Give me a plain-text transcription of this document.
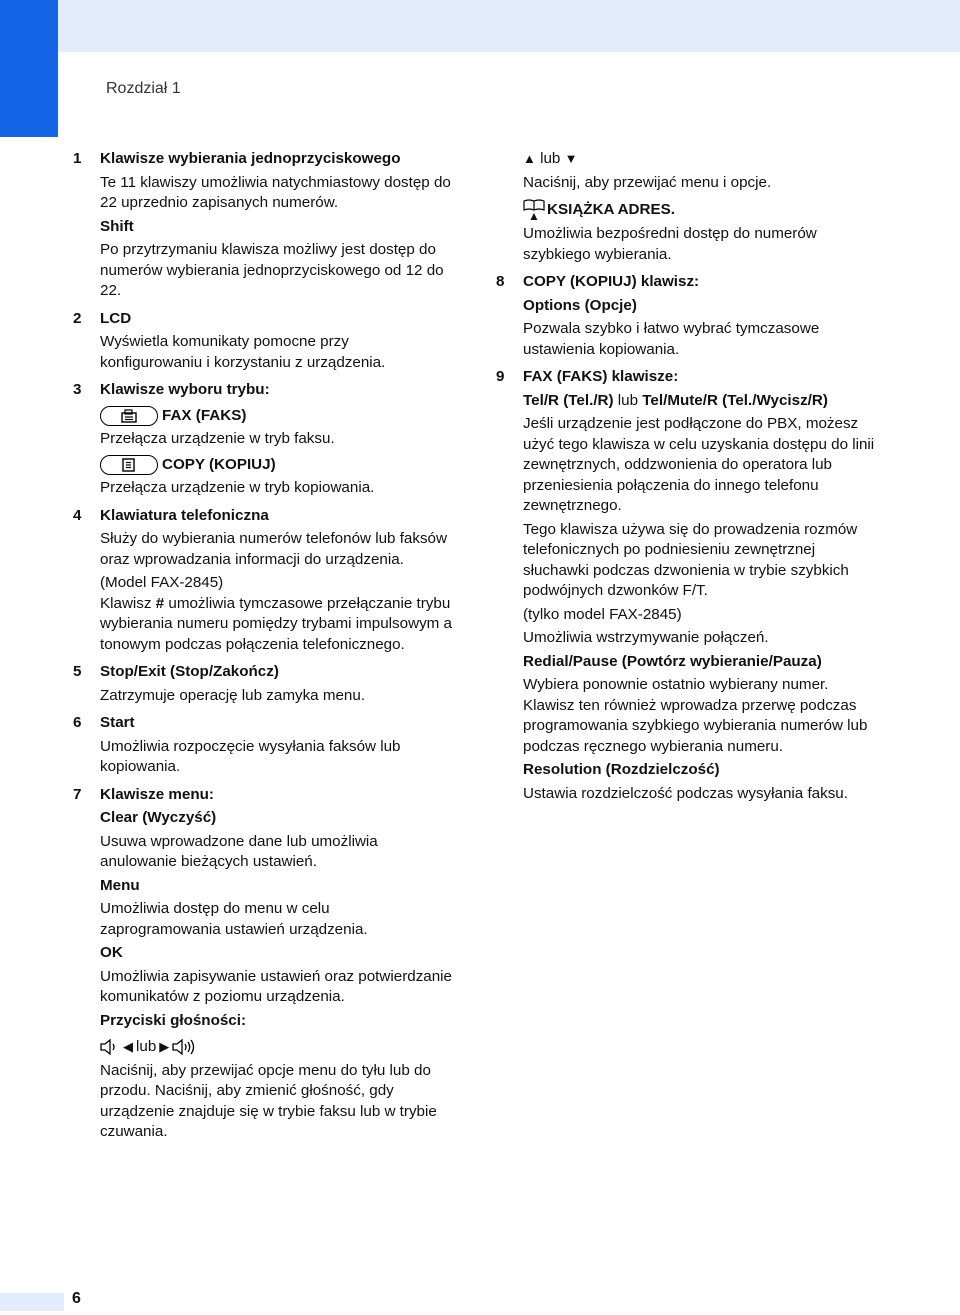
Rozdział 1
1	Klawisze wybierania jednoprzyciskowego

Te 11 klawiszy umożliwia natychmiastowy dostęp do 22 uprzednio zapisanych numerów.

Shift

Po przytrzymaniu klawisza możliwy jest dostęp do numerów wybierania jednoprzyciskowego od 12 do 22.

2	LCD

Wyświetla komunikaty pomocne przy konfigurowaniu i korzystaniu z urządzenia.

3	Klawisze wyboru trybu:
FAX (FAKS)

Przełącza urządzenie w tryb faksu.

COPY (KOPIUJ)

Przełącza urządzenie w tryb kopiowania.

4	Klawiatura telefoniczna

Służy do wybierania numerów telefonów lub faksów oraz wprowadzania informacji do urządzenia.

(Model FAX-2845)

Klawisz # umożliwia tymczasowe przełączanie trybu wybierania numeru pomiędzy trybami impulsowym a tonowym podczas połączenia telefonicznego.
5	Stop/Exit (Stop/Zakończ)

Zatrzymuje operację lub zamyka menu.

6	Start

Umożliwia rozpoczęcie wysyłania faksów lub kopiowania.

7	Klawisze menu:
Clear (Wyczyść)

Usuwa wprowadzone dane lub umożliwia anulowanie bieżących ustawień.

Menu

Umożliwia dostęp do menu w celu zaprogramowania ustawień urządzenia.

OK

Umożliwia zapisywanie ustawień oraz potwierdzanie komunikatów z poziomu urządzenia.

Przyciski głośności:
◀ lub ▶

Naciśnij, aby przewijać opcje menu do tyłu lub do przodu. Naciśnij, aby zmienić głośność, gdy urządzenie znajduje się w trybie faksu lub w trybie czuwania.

▲ lub ▼

Naciśnij, aby przewijać menu i opcje.

▲ KSIĄŻKA ADRES.

Umożliwia bezpośredni dostęp do numerów szybkiego wybierania.

8	COPY (KOPIUJ) klawisz:
Options (Opcje)

Pozwala szybko i łatwo wybrać tymczasowe ustawienia kopiowania.

9	FAX (FAKS) klawisze:
Tel/R (Tel./R) lub Tel/Mute/R (Tel./Wycisz/R)

Jeśli urządzenie jest podłączone do PBX, możesz użyć tego klawisza w celu uzyskania dostępu do linii zewnętrznych, oddzwonienia do operatora lub przeniesienia połączenia do innego telefonu zewnętrznego.

Tego klawisza używa się do prowadzenia rozmów telefonicznych po podniesieniu zewnętrznej słuchawki podczas dzwonienia w trybie szybkich podwójnych dzwonków F/T.

(tylko model FAX-2845)

Umożliwia wstrzymywanie połączeń.

Redial/Pause (Powtórz wybieranie/Pauza)

Wybiera ponownie ostatnio wybierany numer. Klawisz ten również wprowadza przerwę podczas programowania szybkiego wybierania numerów lub podczas ręcznego wybierania numeru.

Resolution (Rozdzielczość)

Ustawia rozdzielczość podczas wysyłania faksu.

6
